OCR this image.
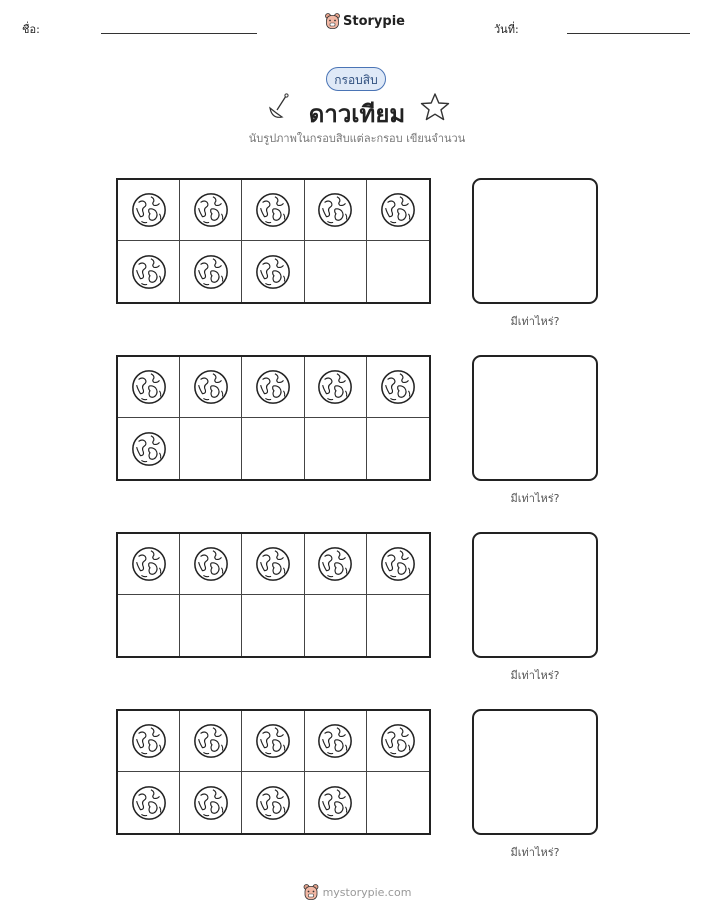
ชื่อ:
Storypie
วันที่:
กรอบสิบ
ดาวเทียม
นับรูปภาพในกรอบสิบแต่ละกรอบ เขียนจำนวน
มีเท่าไหร่?
มีเท่าไหร่?
มีเท่าไหร่?
มีเท่าไหร่?
mystorypie.com
